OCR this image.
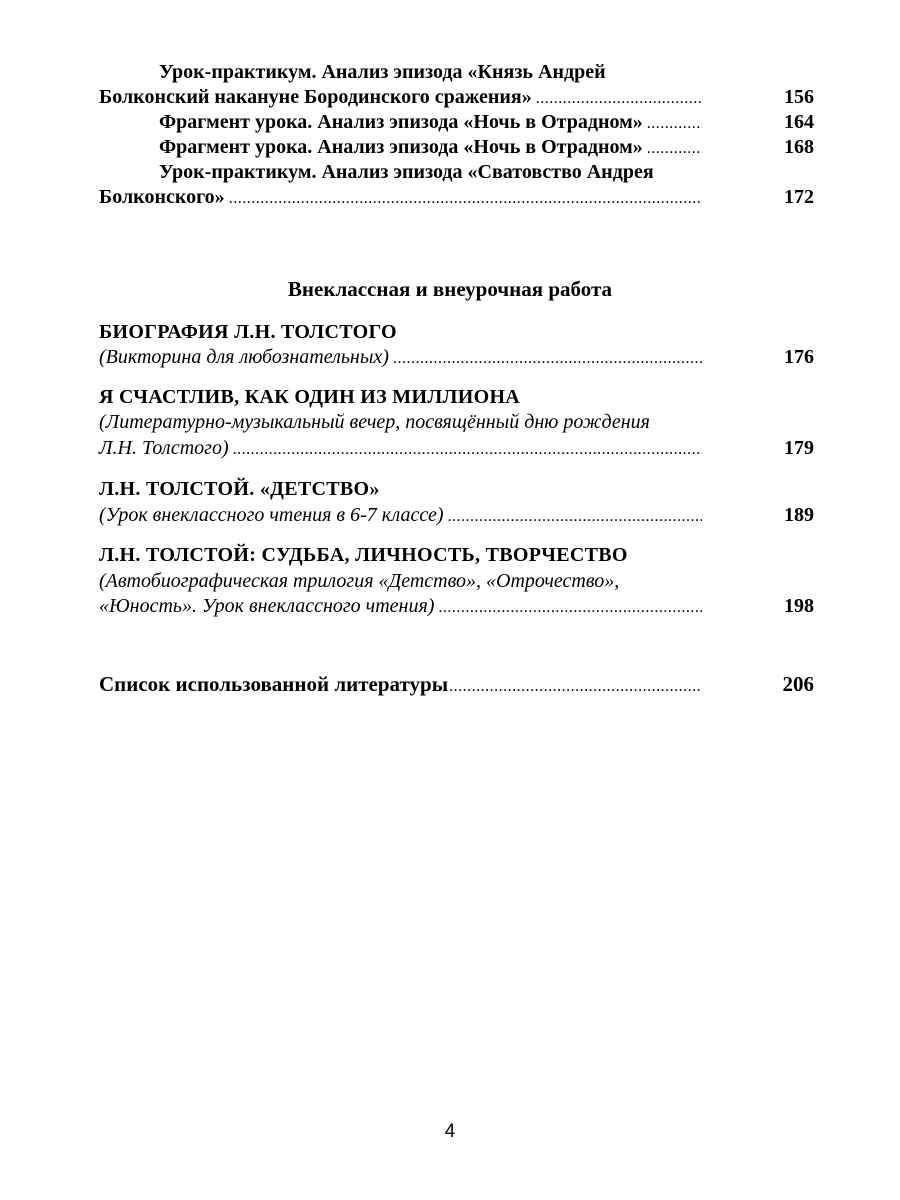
Урок-практикум. Анализ эпизода «Князь Андрей
Болконский накануне Бородинского сражения» .....	156
Фрагмент урока. Анализ эпизода «Ночь в Отрадном» .....	164
Фрагмент урока. Анализ эпизода «Ночь в Отрадном» .....	168
Урок-практикум. Анализ эпизода «Сватовство Андрея
Болконского» .....	172
Внеклассная и внеурочная работа
БИОГРАФИЯ Л.Н. ТОЛСТОГО
(Викторина для любознательных) .....	176
Я СЧАСТЛИВ, КАК ОДИН ИЗ МИЛЛИОНА
(Литературно-музыкальный вечер, посвящённый дню рождения
Л.Н. Толстого) .....	179
Л.Н. ТОЛСТОЙ. «ДЕТСТВО»
(Урок внеклассного чтения в 6-7 классе) .....	189
Л.Н. ТОЛСТОЙ: СУДЬБА, ЛИЧНОСТЬ, ТВОРЧЕСТВО
(Автобиографическая трилогия «Детство», «Отрочество»,
«Юность». Урок внеклассного чтения) .....	198
Список использованной литературы .....	206
4
